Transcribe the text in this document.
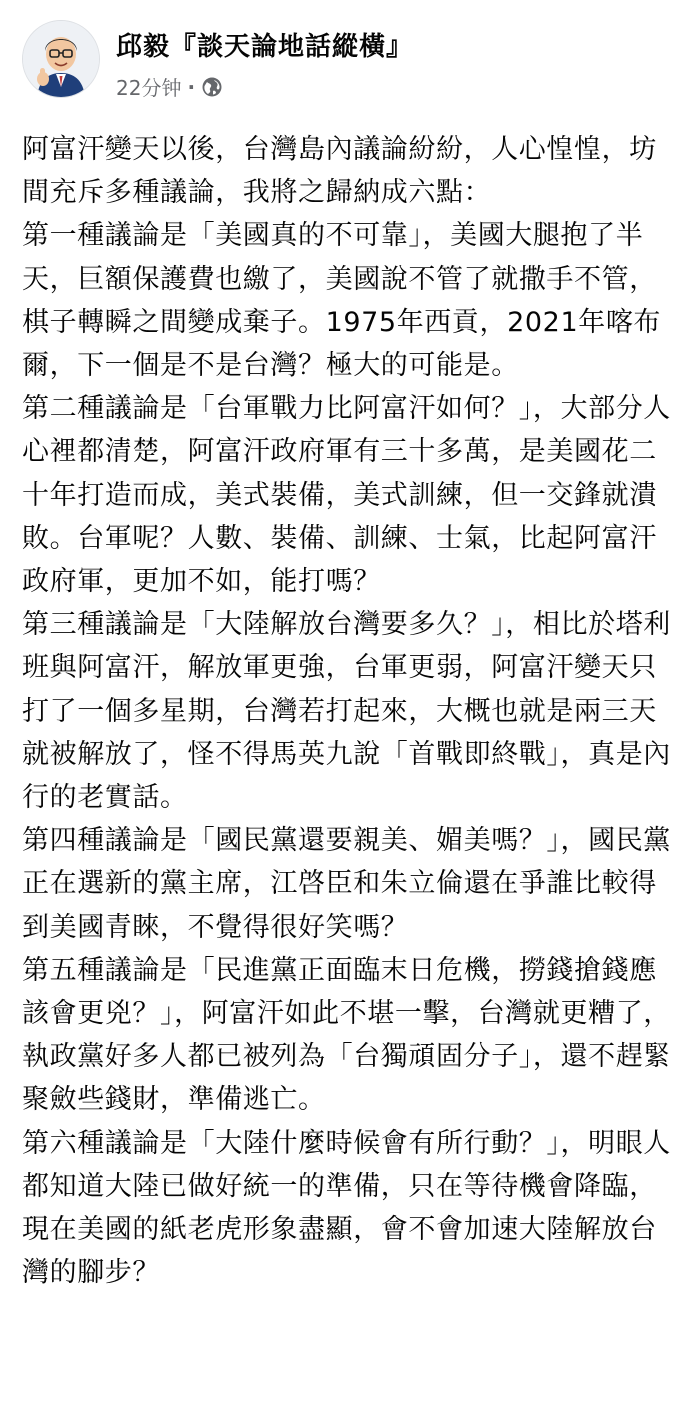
邱毅『談天論地話縱橫』
22分钟 ·

阿富汗變天以後，台灣島內議論紛紛，人心惶惶，坊間充斥多種議論，我將之歸納成六點：

第一種議論是「美國真的不可靠」，美國大腿抱了半天，巨額保護費也繳了，美國說不管了就撒手不管，棋子轉瞬之間變成棄子。1975年西貢，2021年喀布爾，下一個是不是台灣？極大的可能是。

第二種議論是「台軍戰力比阿富汗如何？」，大部分人心裡都清楚，阿富汗政府軍有三十多萬，是美國花二十年打造而成，美式裝備，美式訓練，但一交鋒就潰敗。台軍呢？人數、裝備、訓練、士氣，比起阿富汗政府軍，更加不如，能打嗎？

第三種議論是「大陸解放台灣要多久？」，相比於塔利班與阿富汗，解放軍更強，台軍更弱，阿富汗變天只打了一個多星期，台灣若打起來，大概也就是兩三天就被解放了，怪不得馬英九說「首戰即終戰」，真是內行的老實話。

第四種議論是「國民黨還要親美、媚美嗎？」，國民黨正在選新的黨主席，江啓臣和朱立倫還在爭誰比較得到美國青睞，不覺得很好笑嗎？

第五種議論是「民進黨正面臨末日危機，撈錢搶錢應該會更兇？」，阿富汗如此不堪一擊，台灣就更糟了，執政黨好多人都已被列為「台獨頑固分子」，還不趕緊聚斂些錢財，準備逃亡。

第六種議論是「大陸什麼時候會有所行動？」，明眼人都知道大陸已做好統一的準備，只在等待機會降臨，現在美國的紙老虎形象盡顯，會不會加速大陸解放台灣的腳步？
